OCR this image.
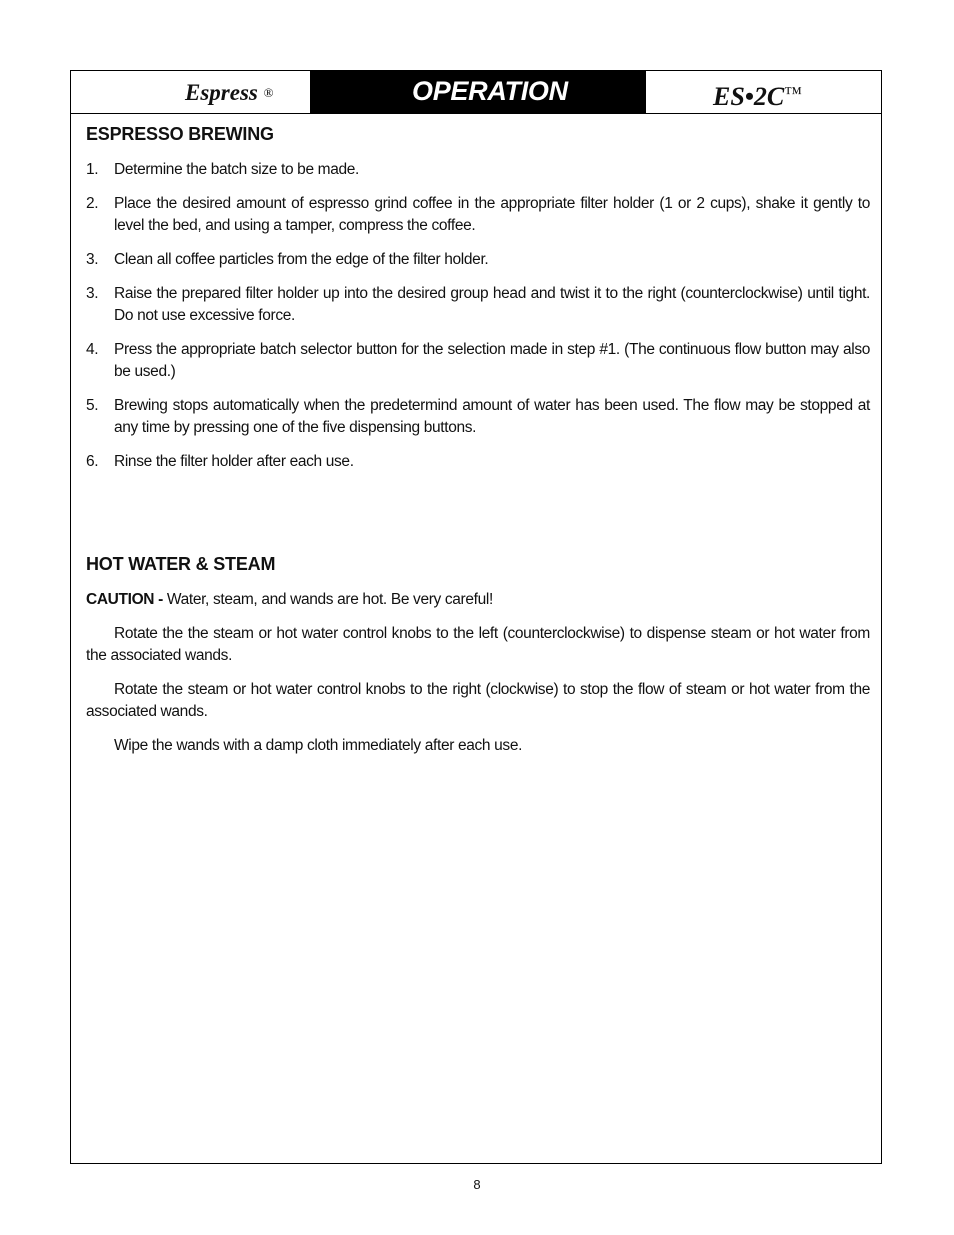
Espress ®	OPERATION	ES•2C™
ESPRESSO BREWING
1. Determine the batch size to be made.
2. Place the desired amount of espresso grind coffee in the appropriate filter holder (1 or 2 cups), shake it gently to level the bed, and using a tamper, compress the coffee.
3. Clean all coffee particles from the edge of the filter holder.
3. Raise the prepared filter holder up into the desired group head and twist it to the right (counterclockwise) until tight. Do not use excessive force.
4. Press the appropriate batch selector button for the selection made in step #1. (The continuous flow button may also be used.)
5. Brewing stops automatically when the predetermind amount of water has been used. The flow may be stopped at any time by pressing one of the five dispensing buttons.
6. Rinse the filter holder after each use.
HOT WATER & STEAM

CAUTION - Water, steam, and wands are hot. Be very careful!

Rotate the the steam or hot water control knobs to the left (counterclockwise) to dispense steam or hot water from the associated wands.

Rotate the steam or hot water control knobs to the right (clockwise) to stop the flow of steam or hot water from the associated wands.

Wipe the wands with a damp cloth immediately after each use.

8
